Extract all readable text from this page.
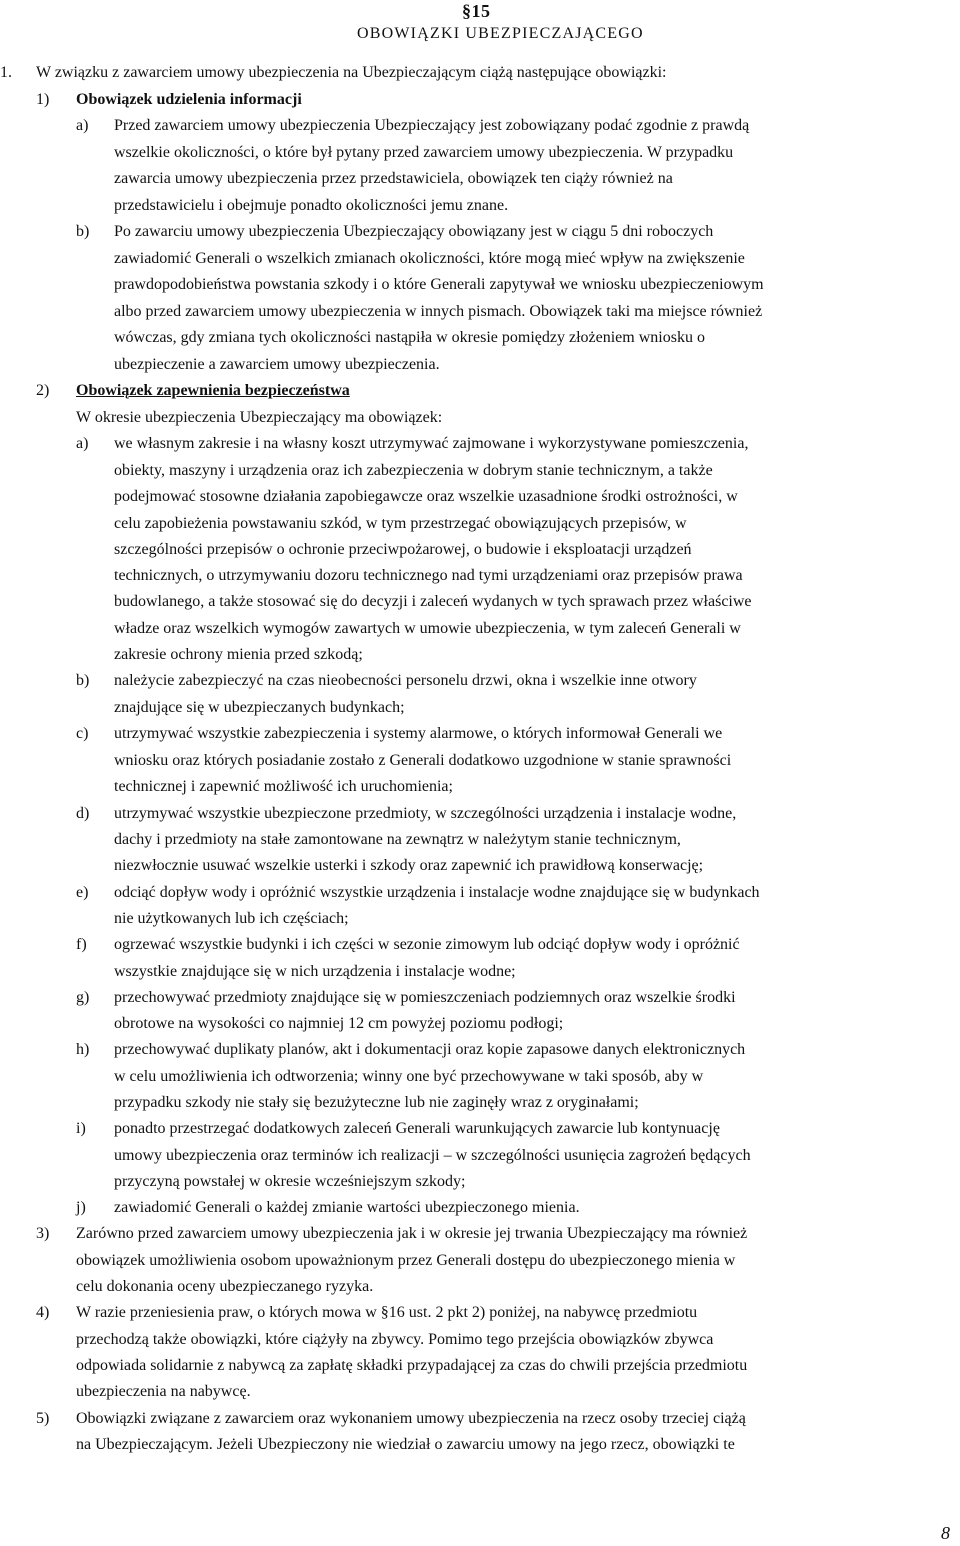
§15
OBOWIĄZKI UBEZPIECZAJĄCEGO
1. W związku z zawarciem umowy ubezpieczenia na Ubezpieczającym ciążą następujące obowiązki:
1) Obowiązek udzielenia informacji
a) Przed zawarciem umowy ubezpieczenia Ubezpieczający jest zobowiązany podać zgodnie z prawdą
wszelkie okoliczności, o które był pytany przed zawarciem umowy ubezpieczenia. W przypadku
zawarcia umowy ubezpieczenia przez przedstawiciela, obowiązek ten ciąży również na
przedstawicielu i obejmuje ponadto okoliczności jemu znane.
b) Po zawarciu umowy ubezpieczenia Ubezpieczający obowiązany jest w ciągu 5 dni roboczych
zawiadomić Generali o wszelkich zmianach okoliczności, które mogą mieć wpływ na zwiększenie
prawdopodobieństwa powstania szkody i o które Generali zapytywał we wniosku ubezpieczeniowym
albo przed zawarciem umowy ubezpieczenia w innych pismach. Obowiązek taki ma miejsce również
wówczas, gdy zmiana tych okoliczności nastąpiła w okresie pomiędzy złożeniem wniosku o
ubezpieczenie a zawarciem umowy ubezpieczenia.
2) Obowiązek zapewnienia bezpieczeństwa
W okresie ubezpieczenia Ubezpieczający ma obowiązek:
a) we własnym zakresie i na własny koszt utrzymywać zajmowane i wykorzystywane pomieszczenia,
obiekty, maszyny i urządzenia oraz ich zabezpieczenia w dobrym stanie technicznym, a także
podejmować stosowne działania zapobiegawcze oraz wszelkie uzasadnione środki ostrożności, w
celu zapobieżenia powstawaniu szkód, w tym przestrzegać obowiązujących przepisów, w
szczególności przepisów o ochronie przeciwpożarowej, o budowie i eksploatacji urządzeń
technicznych, o utrzymywaniu dozoru technicznego nad tymi urządzeniami oraz przepisów prawa
budowlanego, a także stosować się do decyzji i zaleceń wydanych w tych sprawach przez właściwe
władze oraz wszelkich wymogów zawartych w umowie ubezpieczenia, w tym zaleceń Generali w
zakresie ochrony mienia przed szkodą;
b) należycie zabezpieczyć na czas nieobecności personelu drzwi, okna i wszelkie inne otwory
znajdujące się w ubezpieczanych budynkach;
c) utrzymywać wszystkie zabezpieczenia i systemy alarmowe, o których informował Generali we
wniosku oraz których posiadanie zostało z Generali dodatkowo uzgodnione w stanie sprawności
technicznej i zapewnić możliwość ich uruchomienia;
d) utrzymywać wszystkie ubezpieczone przedmioty, w szczególności urządzenia i instalacje wodne,
dachy i przedmioty na stałe zamontowane na zewnątrz w należytym stanie technicznym,
niezwłocznie usuwać wszelkie usterki i szkody oraz zapewnić ich prawidłową konserwację;
e) odciąć dopływ wody i opróżnić wszystkie urządzenia i instalacje wodne znajdujące się w budynkach
nie użytkowanych lub ich częściach;
f) ogrzewać wszystkie budynki i ich części w sezonie zimowym lub odciąć dopływ wody i opróżnić
wszystkie znajdujące się w nich urządzenia i instalacje wodne;
g) przechowywać przedmioty znajdujące się w pomieszczeniach podziemnych oraz wszelkie środki
obrotowe na wysokości co najmniej 12 cm powyżej poziomu podłogi;
h) przechowywać duplikaty planów, akt i dokumentacji oraz kopie zapasowe danych elektronicznych
w celu umożliwienia ich odtworzenia; winny one być przechowywane w taki sposób, aby w
przypadku szkody nie stały się bezużyteczne lub nie zaginęły wraz z oryginałami;
i) ponadto przestrzegać dodatkowych zaleceń Generali warunkujących zawarcie lub kontynuację
umowy ubezpieczenia oraz terminów ich realizacji – w szczególności usunięcia zagrożeń będących
przyczyną powstałej w okresie wcześniejszym szkody;
j) zawiadomić Generali o każdej zmianie wartości ubezpieczonego mienia.
3) Zarówno przed zawarciem umowy ubezpieczenia jak i w okresie jej trwania Ubezpieczający ma również
obowiązek umożliwienia osobom upoważnionym przez Generali dostępu do ubezpieczonego mienia w
celu dokonania oceny ubezpieczanego ryzyka.
4) W razie przeniesienia praw, o których mowa w §16 ust. 2 pkt 2) poniżej, na nabywcę przedmiotu
przechodzą także obowiązki, które ciążyły na zbywcy. Pomimo tego przejścia obowiązków zbywca
odpowiada solidarnie z nabywcą za zapłatę składki przypadającej za czas do chwili przejścia przedmiotu
ubezpieczenia na nabywcę.
5) Obowiązki związane z zawarciem oraz wykonaniem umowy ubezpieczenia na rzecz osoby trzeciej ciążą
na Ubezpieczającym. Jeżeli Ubezpieczony nie wiedział o zawarciu umowy na jego rzecz, obowiązki te
8
